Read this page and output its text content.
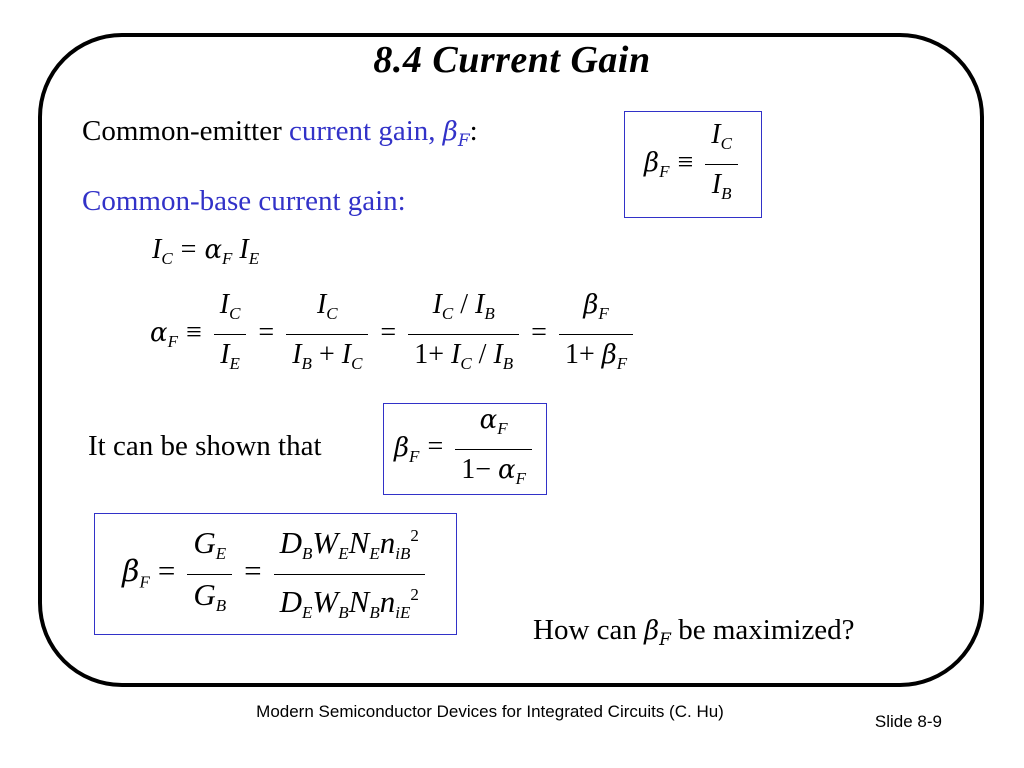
8.4 Current Gain
Common-emitter current gain, $\beta_F$:
$\beta_F \equiv \frac{I_C}{I_B}$
Common-base current gain:
$I_C = \alpha_F$ $I_E$
$\alpha_F \equiv \frac{I_C}{I_E} = \frac{I_C}{I_B + I_C} = \frac{I_C / I_B}{1+ I_C / I_B} = \frac{\beta_F}{1+ \beta_F}$
It can be shown that	$\beta_F = \frac{\alpha_F}{1- \alpha_F}$
$\beta_F = \frac{G_E}{G_B} = \frac{D_BW_EN_EniB^2}{D_EW_BN_BniE^2}$	How can $\beta_F$ be maximized?
Modern Semiconductor Devices for Integrated Circuits (C. Hu)
Slide 8-9
